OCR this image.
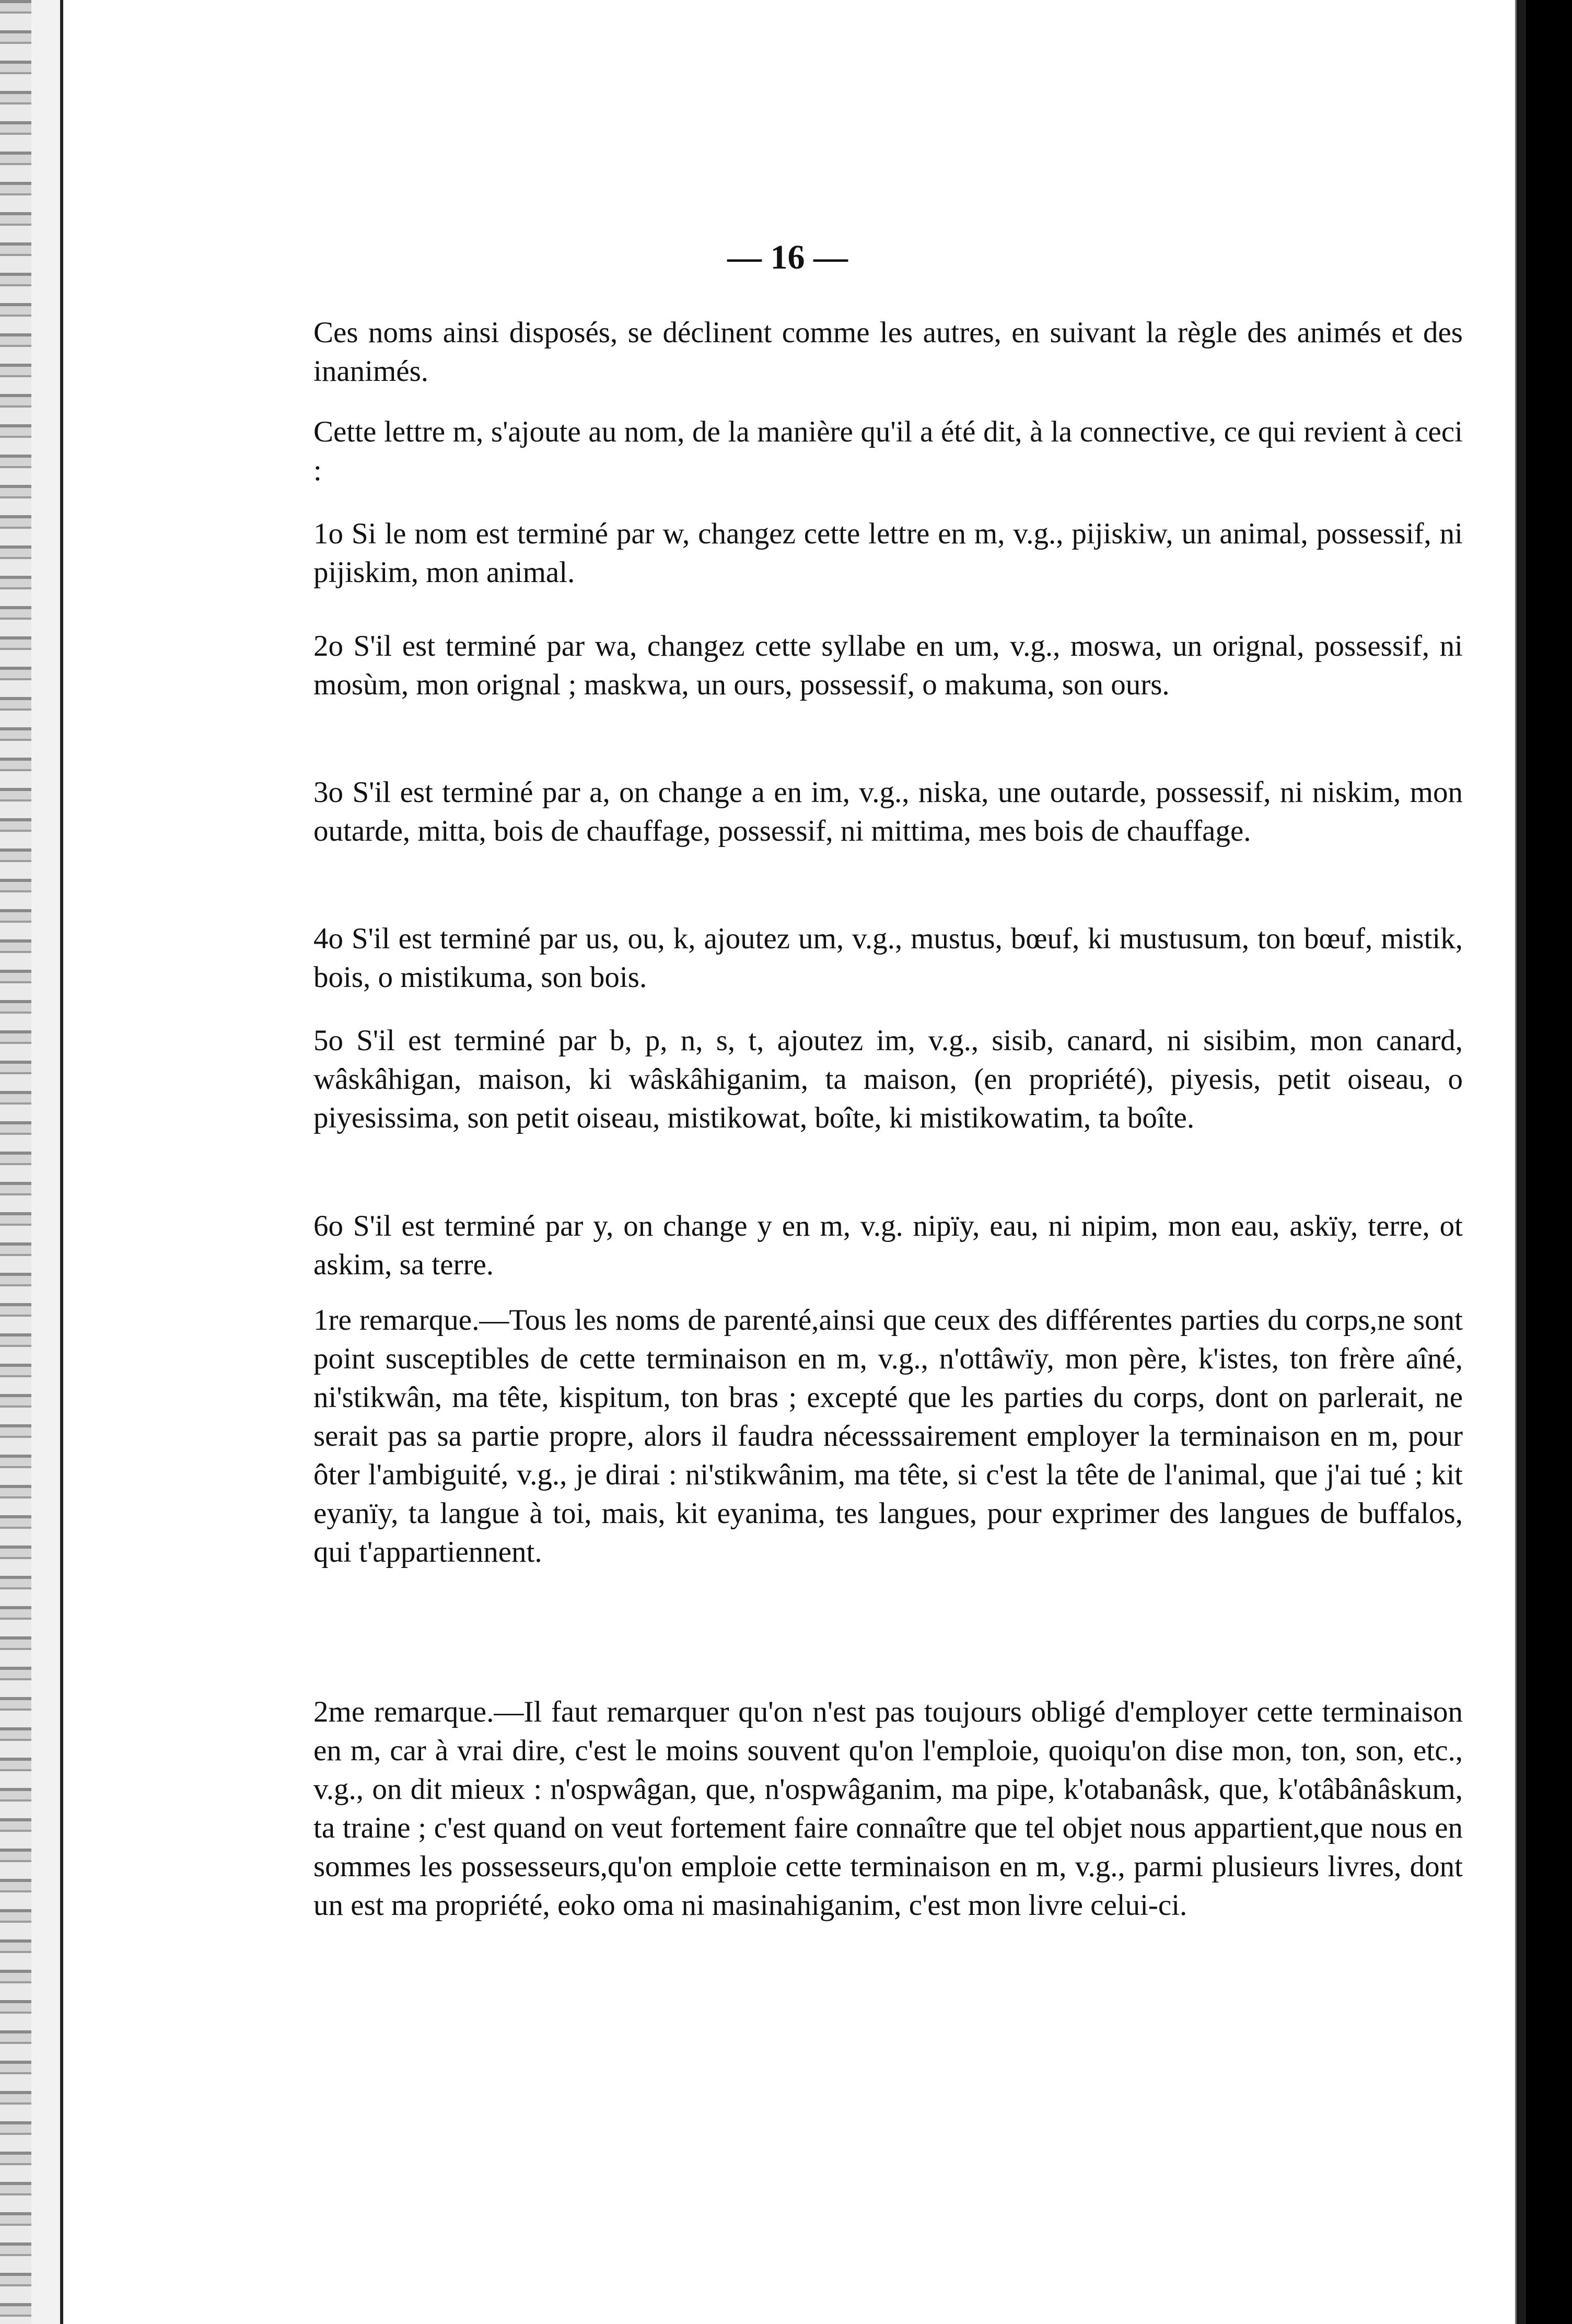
— 16 —

Ces noms ainsi disposés, se déclinent comme les autres, en suivant la règle des animés et des inanimés.

Cette lettre m, s'ajoute au nom, de la manière qu'il a été dit, à la connective, ce qui revient à ceci :

1o Si le nom est terminé par w, changez cette lettre en m, v.g., pijiskiw, un animal, possessif, ni pijiskim, mon animal.

2o S'il est terminé par wa, changez cette syllabe en um, v.g., moswa, un orignal, possessif, ni mosùm, mon orignal ; maskwa, un ours, possessif, o makuma, son ours.

3o S'il est terminé par a, on change a en im, v.g., niska, une outarde, possessif, ni niskim, mon outarde, mitta, bois de chauffage, possessif, ni mittima, mes bois de chauffage.

4o S'il est terminé par us, ou, k, ajoutez um, v.g., mustus, bœuf, ki mustusum, ton bœuf, mistik, bois, o mistikuma, son bois.

5o S'il est terminé par b, p, n, s, t, ajoutez im, v.g., sisib, canard, ni sisibim, mon canard, wâskâhigan, maison, ki wâskâhiganim, ta maison, (en propriété), piyesis, petit oiseau, o piyesissima, son petit oiseau, mistikowat, boîte, ki mistikowatim, ta boîte.

6o S'il est terminé par y, on change y en m, v.g. nipïy, eau, ni nipim, mon eau, askïy, terre, ot askim, sa terre.

1re remarque.—Tous les noms de parenté,ainsi que ceux des différentes parties du corps,ne sont point susceptibles de cette terminaison en m, v.g., n'ottâwïy, mon père, k'istes, ton frère aîné, ni'stikwân, ma tête, kispitum, ton bras ; excepté que les parties du corps, dont on parlerait, ne serait pas sa partie propre, alors il faudra nécesssairement employer la terminaison en m, pour ôter l'ambiguité, v.g., je dirai : ni'stikwânim, ma tête, si c'est la tête de l'animal, que j'ai tué ; kit eyanïy, ta langue à toi, mais, kit eyanima, tes langues, pour exprimer des langues de buffalos, qui t'appartiennent.

2me remarque.—Il faut remarquer qu'on n'est pas toujours obligé d'employer cette terminaison en m, car à vrai dire, c'est le moins souvent qu'on l'emploie, quoiqu'on dise mon, ton, son, etc., v.g., on dit mieux : n'ospwâgan, que, n'ospwâganim, ma pipe, k'otabanâsk, que, k'otâbânâskum, ta traine ; c'est quand on veut fortement faire connaître que tel objet nous appartient,que nous en sommes les possesseurs,qu'on emploie cette terminaison en m, v.g., parmi plusieurs livres, dont un est ma propriété, eoko oma ni masinahiganim, c'est mon livre celui-ci.
